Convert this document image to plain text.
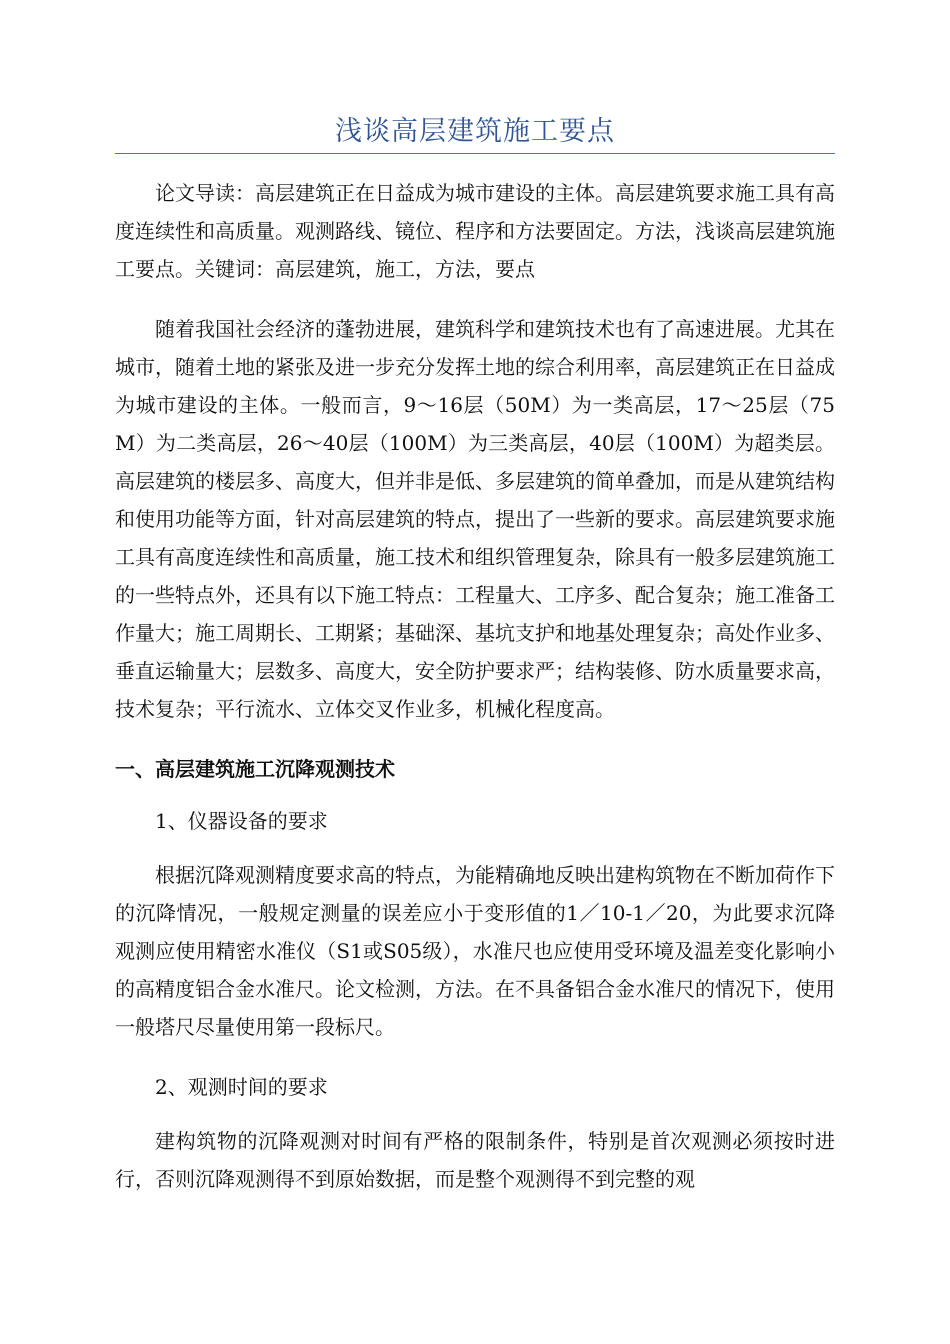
浅谈高层建筑施工要点

论文导读：高层建筑正在日益成为城市建设的主体。高层建筑要求施工具有高度连续性和高质量。观测路线、镜位、程序和方法要固定。方法，浅谈高层建筑施工要点。关键词：高层建筑，施工，方法，要点

随着我国社会经济的蓬勃进展，建筑科学和建筑技术也有了高速进展。尤其在城市，随着土地的紧张及进一步充分发挥土地的综合利用率，高层建筑正在日益成为城市建设的主体。一般而言，9～16层（50M）为一类高层，17～25层（75M）为二类高层，26～40层（100M）为三类高层，40层（100M）为超类层。高层建筑的楼层多、高度大，但并非是低、多层建筑的简单叠加，而是从建筑结构和使用功能等方面，针对高层建筑的特点，提出了一些新的要求。高层建筑要求施工具有高度连续性和高质量，施工技术和组织管理复杂，除具有一般多层建筑施工的一些特点外，还具有以下施工特点：工程量大、工序多、配合复杂；施工准备工作量大；施工周期长、工期紧；基础深、基坑支护和地基处理复杂；高处作业多、垂直运输量大；层数多、高度大，安全防护要求严；结构装修、防水质量要求高，技术复杂；平行流水、立体交叉作业多，机械化程度高。

一、高层建筑施工沉降观测技术
1、仪器设备的要求

根据沉降观测精度要求高的特点，为能精确地反映出建构筑物在不断加荷作下的沉降情况，一般规定测量的误差应小于变形值的1／10-1／20，为此要求沉降观测应使用精密水准仪（S1或S05级），水准尺也应使用受环境及温差变化影响小的高精度铝合金水准尺。论文检测，方法。在不具备铝合金水准尺的情况下，使用一般塔尺尽量使用第一段标尺。

2、观测时间的要求

建构筑物的沉降观测对时间有严格的限制条件，特别是首次观测必须按时进行，否则沉降观测得不到原始数据，而是整个观测得不到完整的观
